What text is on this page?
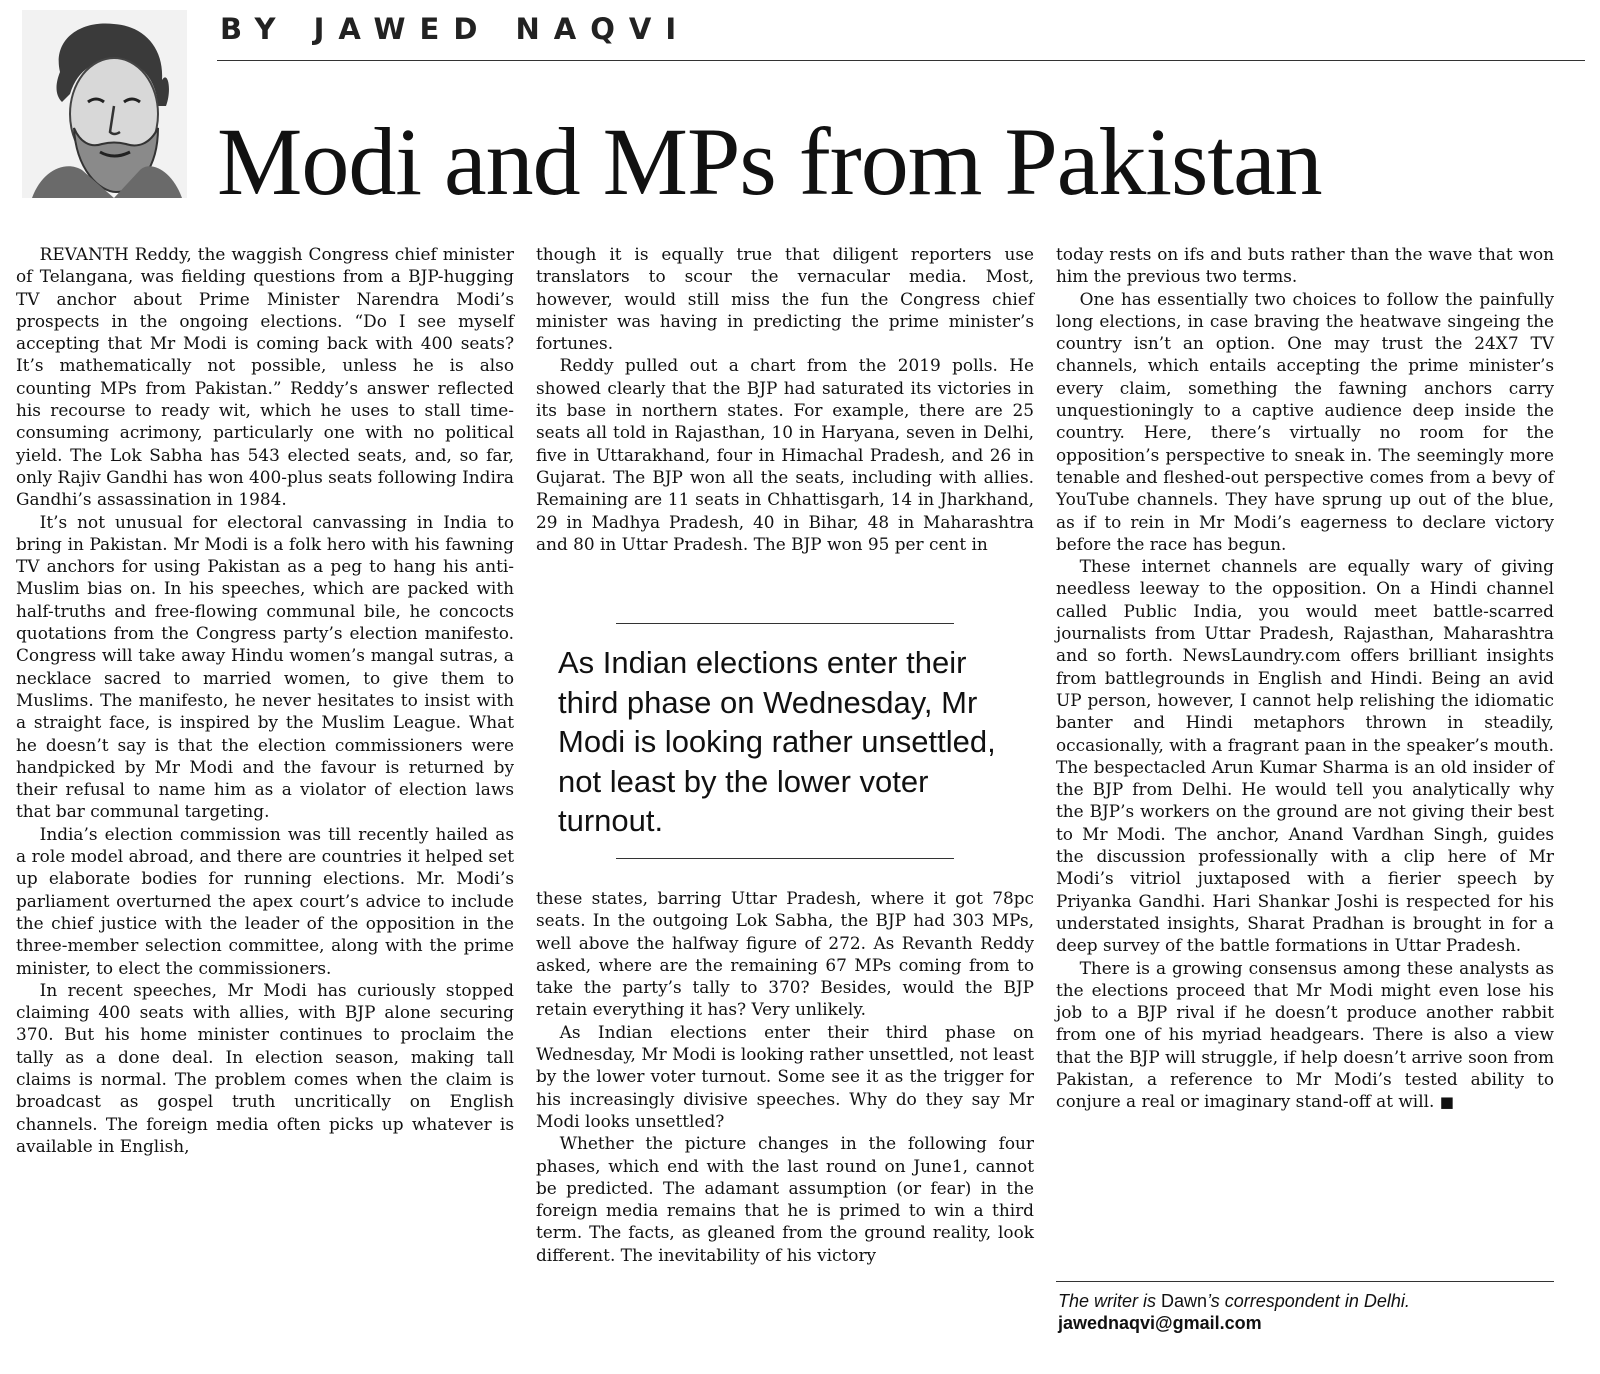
BY JAWED NAQVI
Modi and MPs from Pakistan

REVANTH Reddy, the waggish Congress chief minister of Telangana, was fielding questions from a BJP-hugging TV anchor about Prime Minister Narendra Modi’s prospects in the ongoing elections. “Do I see myself accepting that Mr Modi is coming back with 400 seats? It’s mathematically not possible, unless he is also counting MPs from Pakistan.” Reddy’s answer reflected his recourse to ready wit, which he uses to stall time-consuming acrimony, particularly one with no political yield. The Lok Sabha has 543 elected seats, and, so far, only Rajiv Gandhi has won 400-plus seats following Indira Gandhi’s assassination in 1984.

It’s not unusual for electoral canvassing in India to bring in Pakistan. Mr Modi is a folk hero with his fawning TV anchors for using Pakistan as a peg to hang his anti-Muslim bias on. In his speeches, which are packed with half-truths and free-flowing communal bile, he concocts quotations from the Congress party’s election manifesto. Congress will take away Hindu women’s mangal sutras, a necklace sacred to married women, to give them to Muslims. The manifesto, he never hesitates to insist with a straight face, is inspired by the Muslim League. What he doesn’t say is that the election commissioners were handpicked by Mr Modi and the favour is returned by their refusal to name him as a violator of election laws that bar communal targeting.

India’s election commission was till recently hailed as a role model abroad, and there are countries it helped set up elaborate bodies for running elections. Mr. Modi’s parliament overturned the apex court’s advice to include the chief justice with the leader of the opposition in the three-member selection committee, along with the prime minister, to elect the commissioners.

In recent speeches, Mr Modi has curiously stopped claiming 400 seats with allies, with BJP alone securing 370. But his home minister continues to proclaim the tally as a done deal. In election season, making tall claims is normal. The problem comes when the claim is broadcast as gospel truth uncritically on English channels. The foreign media often picks up whatever is available in English,

though it is equally true that diligent reporters use translators to scour the vernacular media. Most, however, would still miss the fun the Congress chief minister was having in predicting the prime minister’s fortunes.

Reddy pulled out a chart from the 2019 polls. He showed clearly that the BJP had saturated its victories in its base in northern states. For example, there are 25 seats all told in Rajasthan, 10 in Haryana, seven in Delhi, five in Uttarakhand, four in Himachal Pradesh, and 26 in Gujarat. The BJP won all the seats, including with allies. Remaining are 11 seats in Chhattisgarh, 14 in Jharkhand, 29 in Madhya Pradesh, 40 in Bihar, 48 in Maharashtra and 80 in Uttar Pradesh. The BJP won 95 per cent in

As Indian elections enter their third phase on Wednesday, Mr Modi is looking rather unsettled, not least by the lower voter turnout.

these states, barring Uttar Pradesh, where it got 78pc seats. In the outgoing Lok Sabha, the BJP had 303 MPs, well above the halfway figure of 272. As Revanth Reddy asked, where are the remaining 67 MPs coming from to take the party’s tally to 370? Besides, would the BJP retain everything it has? Very unlikely.

As Indian elections enter their third phase on Wednesday, Mr Modi is looking rather unsettled, not least by the lower voter turnout. Some see it as the trigger for his increasingly divisive speeches. Why do they say Mr Modi looks unsettled?

Whether the picture changes in the following four phases, which end with the last round on June1, cannot be predicted. The adamant assumption (or fear) in the foreign media remains that he is primed to win a third term. The facts, as gleaned from the ground reality, look different. The inevitability of his victory

today rests on ifs and buts rather than the wave that won him the previous two terms.

One has essentially two choices to follow the painfully long elections, in case braving the heatwave singeing the country isn’t an option. One may trust the 24X7 TV channels, which entails accepting the prime minister’s every claim, something the fawning anchors carry unquestioningly to a captive audience deep inside the country. Here, there’s virtually no room for the opposition’s perspective to sneak in. The seemingly more tenable and fleshed-out perspective comes from a bevy of YouTube channels. They have sprung up out of the blue, as if to rein in Mr Modi’s eagerness to declare victory before the race has begun.

These internet channels are equally wary of giving needless leeway to the opposition. On a Hindi channel called Public India, you would meet battle-scarred journalists from Uttar Pradesh, Rajasthan, Maharashtra and so forth. NewsLaundry.com offers brilliant insights from battlegrounds in English and Hindi. Being an avid UP person, however, I cannot help relishing the idiomatic banter and Hindi metaphors thrown in steadily, occasionally, with a fragrant paan in the speaker’s mouth. The bespectacled Arun Kumar Sharma is an old insider of the BJP from Delhi. He would tell you analytically why the BJP’s workers on the ground are not giving their best to Mr Modi. The anchor, Anand Vardhan Singh, guides the discussion professionally with a clip here of Mr Modi’s vitriol juxtaposed with a fierier speech by Priyanka Gandhi. Hari Shankar Joshi is respected for his understated insights, Sharat Pradhan is brought in for a deep survey of the battle formations in Uttar Pradesh.

There is a growing consensus among these analysts as the elections proceed that Mr Modi might even lose his job to a BJP rival if he doesn’t produce another rabbit from one of his myriad headgears. There is also a view that the BJP will struggle, if help doesn’t arrive soon from Pakistan, a reference to Mr Modi’s tested ability to conjure a real or imaginary stand-off at will. ■

The writer is Dawn’s correspondent in Delhi.
jawednaqvi@gmail.com
